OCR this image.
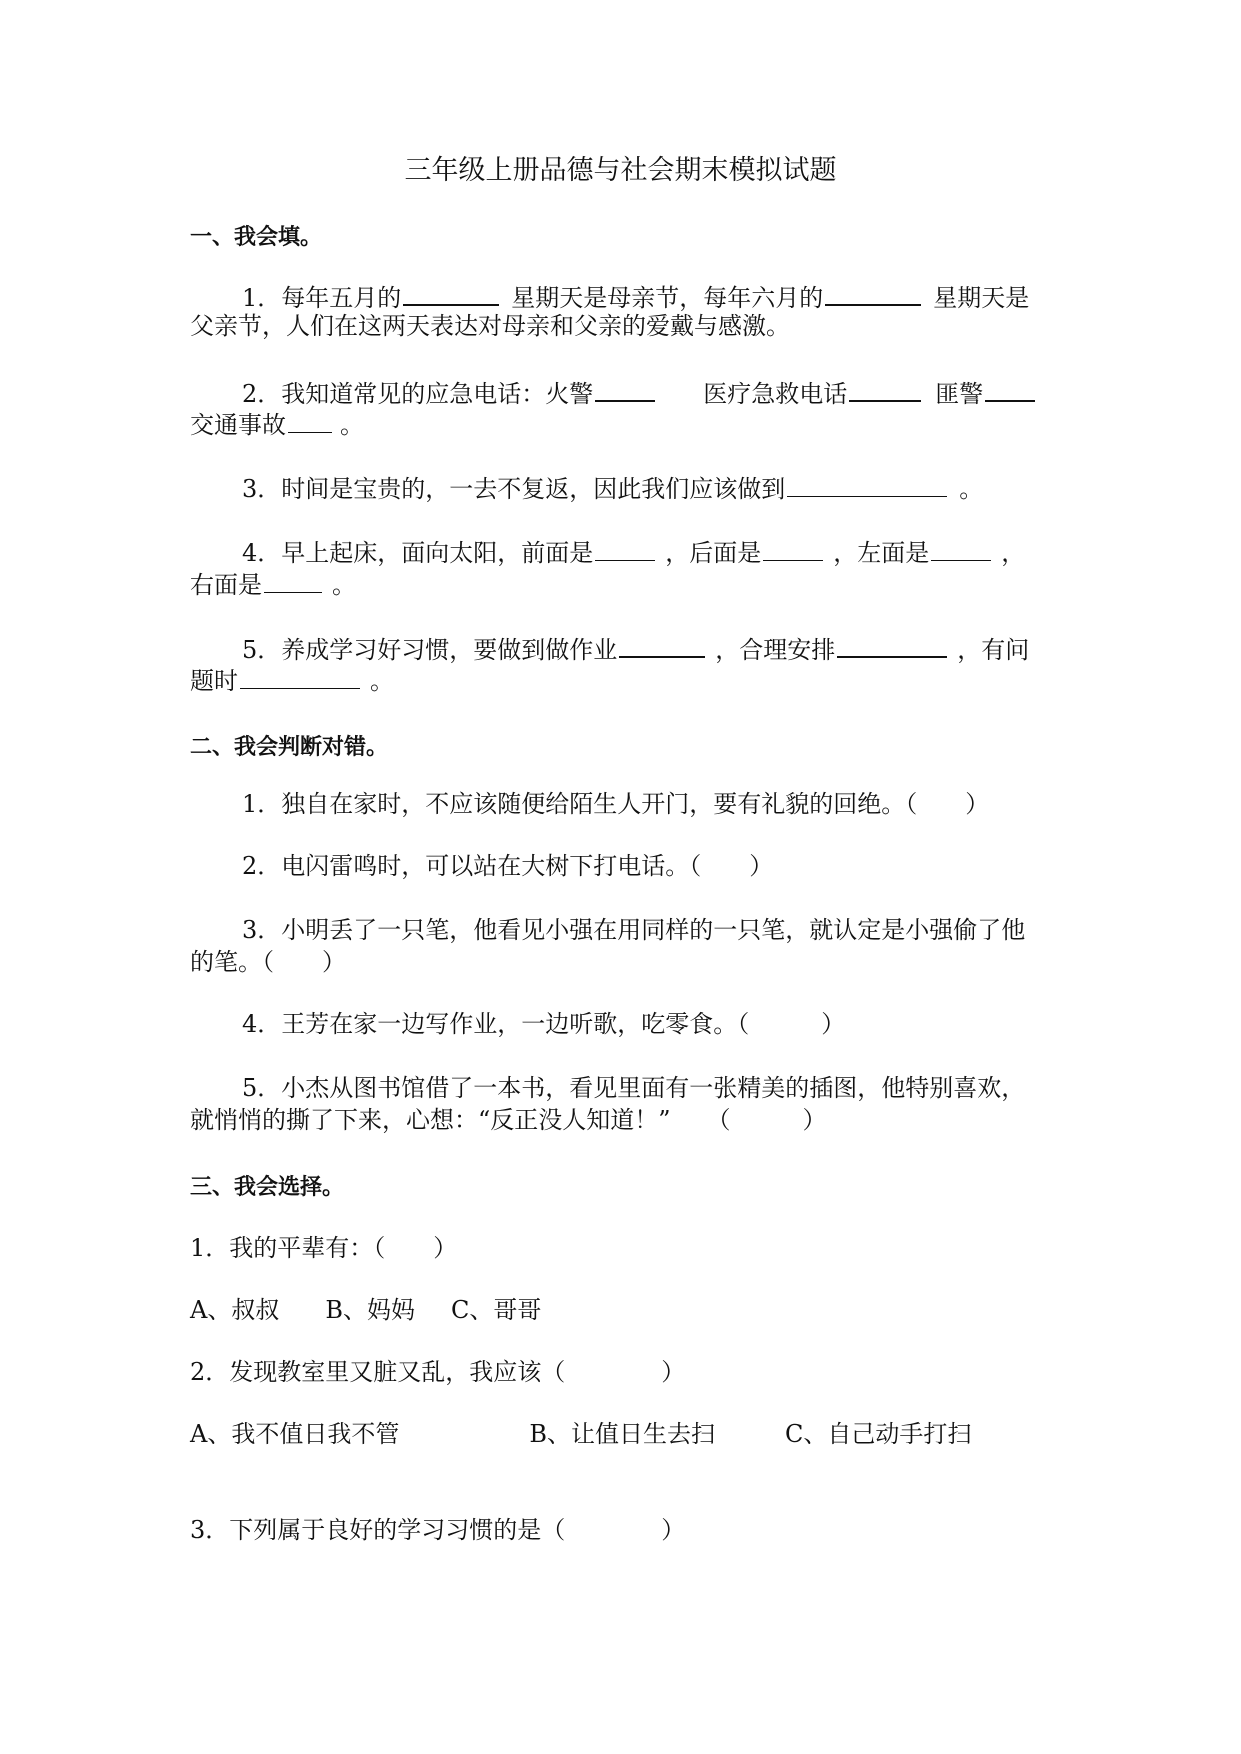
三年级上册品德与社会期末模拟试题
一、我会填。
1．每年五月的	星期天是母亲节，每年六月的	星期天是
父亲节，人们在这两天表达对母亲和父亲的爱戴与感激。
2．我知道常见的应急电话：火警	医疗急救电话	匪警
交通事故 。
3．时间是宝贵的，一去不复返，因此我们应该做到	。
4．早上起床，面向太阳，前面是	，后面是	，左面是	，
右面是	。
5．养成学习好习惯，要做到做作业	，合理安排	，有问
题时	。
二、我会判断对错。
1．独自在家时，不应该随便给陌生人开门，要有礼貌的回绝。（　　）
2．电闪雷鸣时，可以站在大树下打电话。（　　）
3．小明丢了一只笔，他看见小强在用同样的一只笔，就认定是小强偷了他
的笔。（　　）
4．王芳在家一边写作业，一边听歌，吃零食。（　　　）
5．小杰从图书馆借了一本书，看见里面有一张精美的插图，他特别喜欢，
就悄悄的撕了下来，心想：“反正没人知道！”　　（　　　）
三、我会选择。
1．我的平辈有：（　　）
A、叔叔 B、妈妈 C、哥哥
2．发现教室里又脏又乱，我应该（　　　　）
A、我不值日我不管	B、让值日生去扫	C、自己动手打扫
3．下列属于良好的学习习惯的是（　　　　）
